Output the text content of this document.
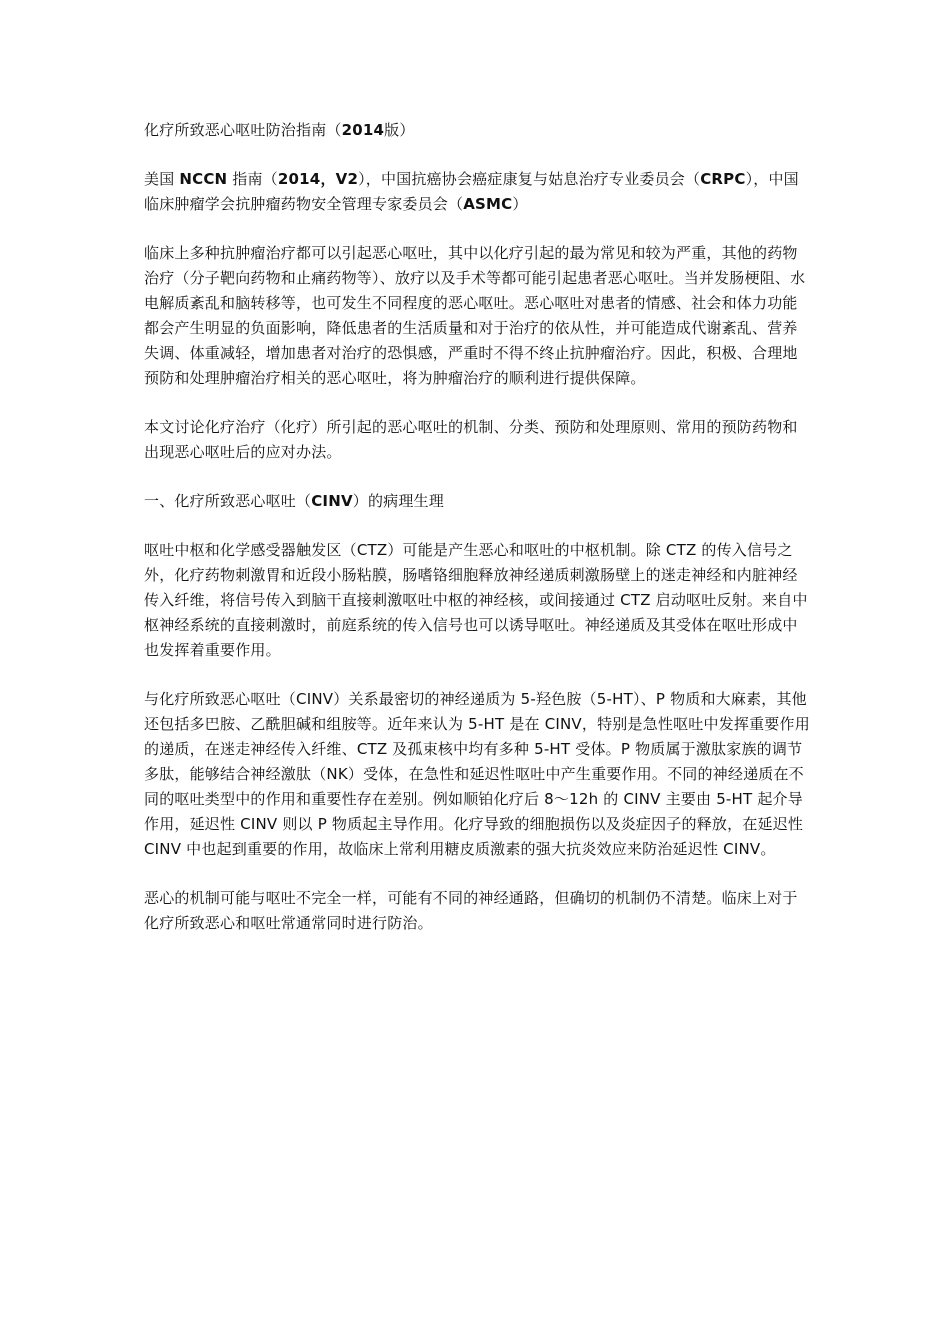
化疗所致恶心呕吐防治指南（2014版）

美国 NCCN 指南（2014，V2），中国抗癌协会癌症康复与姑息治疗专业委员会（CRPC），中国临床肿瘤学会抗肿瘤药物安全管理专家委员会（ASMC）

临床上多种抗肿瘤治疗都可以引起恶心呕吐，其中以化疗引起的最为常见和较为严重，其他的药物治疗（分子靶向药物和止痛药物等）、放疗以及手术等都可能引起患者恶心呕吐。当并发肠梗阻、水电解质紊乱和脑转移等，也可发生不同程度的恶心呕吐。恶心呕吐对患者的情感、社会和体力功能都会产生明显的负面影响，降低患者的生活质量和对于治疗的依从性，并可能造成代谢紊乱、营养失调、体重减轻，增加患者对治疗的恐惧感，严重时不得不终止抗肿瘤治疗。因此，积极、合理地预防和处理肿瘤治疗相关的恶心呕吐，将为肿瘤治疗的顺利进行提供保障。

本文讨论化疗治疗（化疗）所引起的恶心呕吐的机制、分类、预防和处理原则、常用的预防药物和出现恶心呕吐后的应对办法。

一、化疗所致恶心呕吐（CINV）的病理生理

呕吐中枢和化学感受器触发区（CTZ）可能是产生恶心和呕吐的中枢机制。除 CTZ 的传入信号之外，化疗药物刺激胃和近段小肠粘膜，肠嗜铬细胞释放神经递质刺激肠壁上的迷走神经和内脏神经传入纤维，将信号传入到脑干直接刺激呕吐中枢的神经核，或间接通过 CTZ 启动呕吐反射。来自中枢神经系统的直接刺激时，前庭系统的传入信号也可以诱导呕吐。神经递质及其受体在呕吐形成中也发挥着重要作用。

与化疗所致恶心呕吐（CINV）关系最密切的神经递质为 5-羟色胺（5-HT）、P 物质和大麻素，其他还包括多巴胺、乙酰胆碱和组胺等。近年来认为 5-HT 是在 CINV，特别是急性呕吐中发挥重要作用的递质，在迷走神经传入纤维、CTZ 及孤束核中均有多种 5-HT 受体。P 物质属于激肽家族的调节多肽，能够结合神经激肽（NK）受体，在急性和延迟性呕吐中产生重要作用。不同的神经递质在不同的呕吐类型中的作用和重要性存在差别。例如顺铂化疗后 8～12h 的 CINV 主要由 5-HT 起介导作用，延迟性 CINV 则以 P 物质起主导作用。化疗导致的细胞损伤以及炎症因子的释放，在延迟性 CINV 中也起到重要的作用，故临床上常利用糖皮质激素的强大抗炎效应来防治延迟性 CINV。

恶心的机制可能与呕吐不完全一样，可能有不同的神经通路，但确切的机制仍不清楚。临床上对于化疗所致恶心和呕吐常通常同时进行防治。
